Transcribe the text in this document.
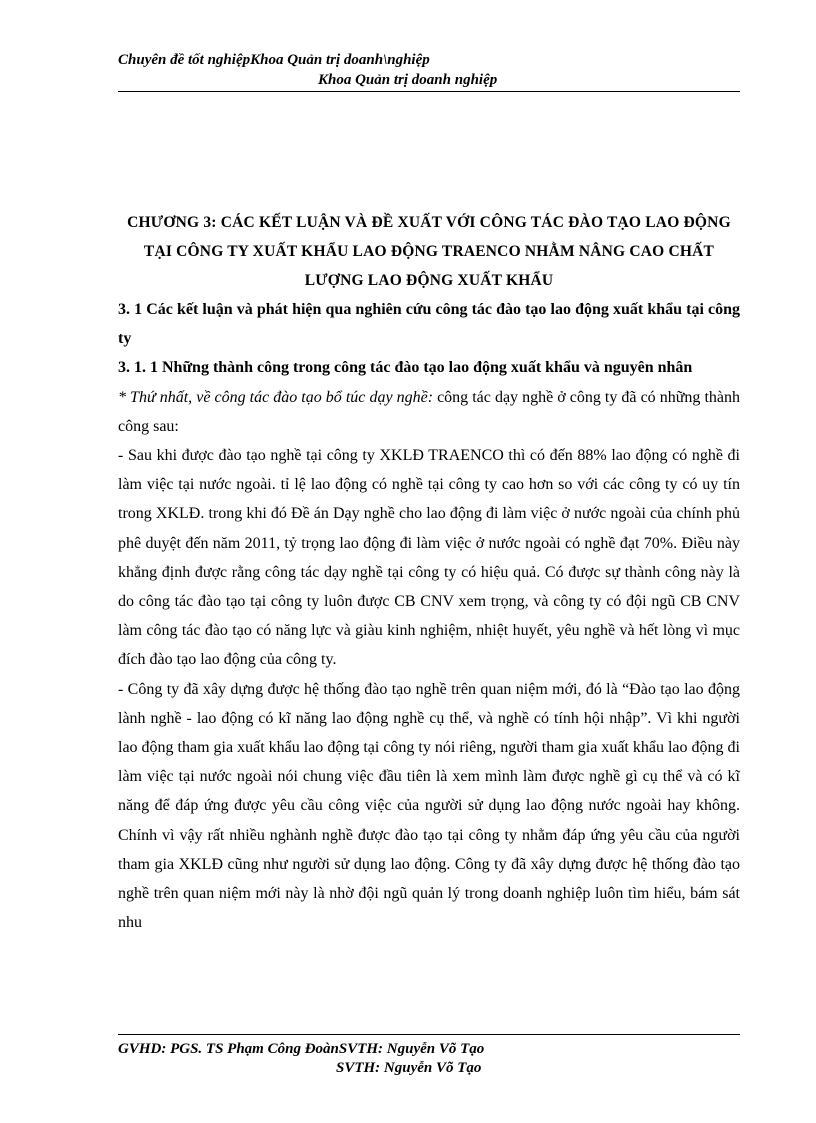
Chuyên đề tốt nghiệpKhoa Quản trị doanh\nghiệp
Khoa Quản trị doanh nghiệp

CHƯƠNG 3: CÁC KẾT LUẬN VÀ ĐỀ XUẤT VỚI CÔNG TÁC ĐÀO TẠO LAO ĐỘNG TẠI CÔNG TY XUẤT KHẨU LAO ĐỘNG TRAENCO NHẰM NÂNG CAO CHẤT LƯỢNG LAO ĐỘNG XUẤT KHẨU

3. 1 Các kết luận và phát hiện qua nghiên cứu công tác đào tạo lao động xuất khẩu tại công ty

3. 1. 1 Những thành công trong công tác đào tạo lao động xuất khẩu và nguyên nhân

* Thứ nhất, về công tác đào tạo bổ túc dạy nghề: công tác dạy nghề ở công ty đã có những thành công sau:

- Sau khi được đào tạo nghề tại công ty XKLĐ TRAENCO thì có đến 88% lao động có nghề đi làm việc tại nước ngoài. tỉ lệ lao động có nghề tại công ty cao hơn so với các công ty có uy tín trong XKLĐ. trong khi đó Đề án Dạy nghề cho lao động đi làm việc ở nước ngoài của chính phủ phê duyệt đến năm 2011, tỷ trọng lao động đi làm việc ở nước ngoài có nghề đạt 70%. Điều này khẳng định được rằng công tác dạy nghề tại công ty có hiệu quả. Có được sự thành công này là do công tác đào tạo tại công ty luôn được CB CNV xem trọng, và công ty có đội ngũ CB CNV làm công tác đào tạo có năng lực và giàu kinh nghiệm, nhiệt huyết, yêu nghề và hết lòng vì mục đích đào tạo lao động của công ty.

- Công ty đã xây dựng được hệ thống đào tạo nghề trên quan niệm mới, đó là “Đào tạo lao động lành nghề - lao động có kĩ năng lao động nghề cụ thể, và nghề có tính hội nhập”. Vì khi người lao động tham gia xuất khẩu lao động tại công ty nói riêng, người tham gia xuất khẩu lao động đi làm việc tại nước ngoài nói chung việc đầu tiên là xem mình làm được nghề gì cụ thể và có kĩ năng để đáp ứng được yêu cầu công việc của người sử dụng lao động nước ngoài hay không. Chính vì vậy rất nhiều nghành nghề được đào tạo tại công ty nhằm đáp ứng yêu cầu của người tham gia XKLĐ cũng như người sử dụng lao động. Công ty đã xây dựng được hệ thống đào tạo nghề trên quan niệm mới này là nhờ đội ngũ quản lý trong doanh nghiệp luôn tìm hiểu, bám sát nhu

GVHD: PGS. TS Phạm Công ĐoànSVTH: Nguyễn Võ Tạo
SVTH: Nguyễn Võ Tạo
